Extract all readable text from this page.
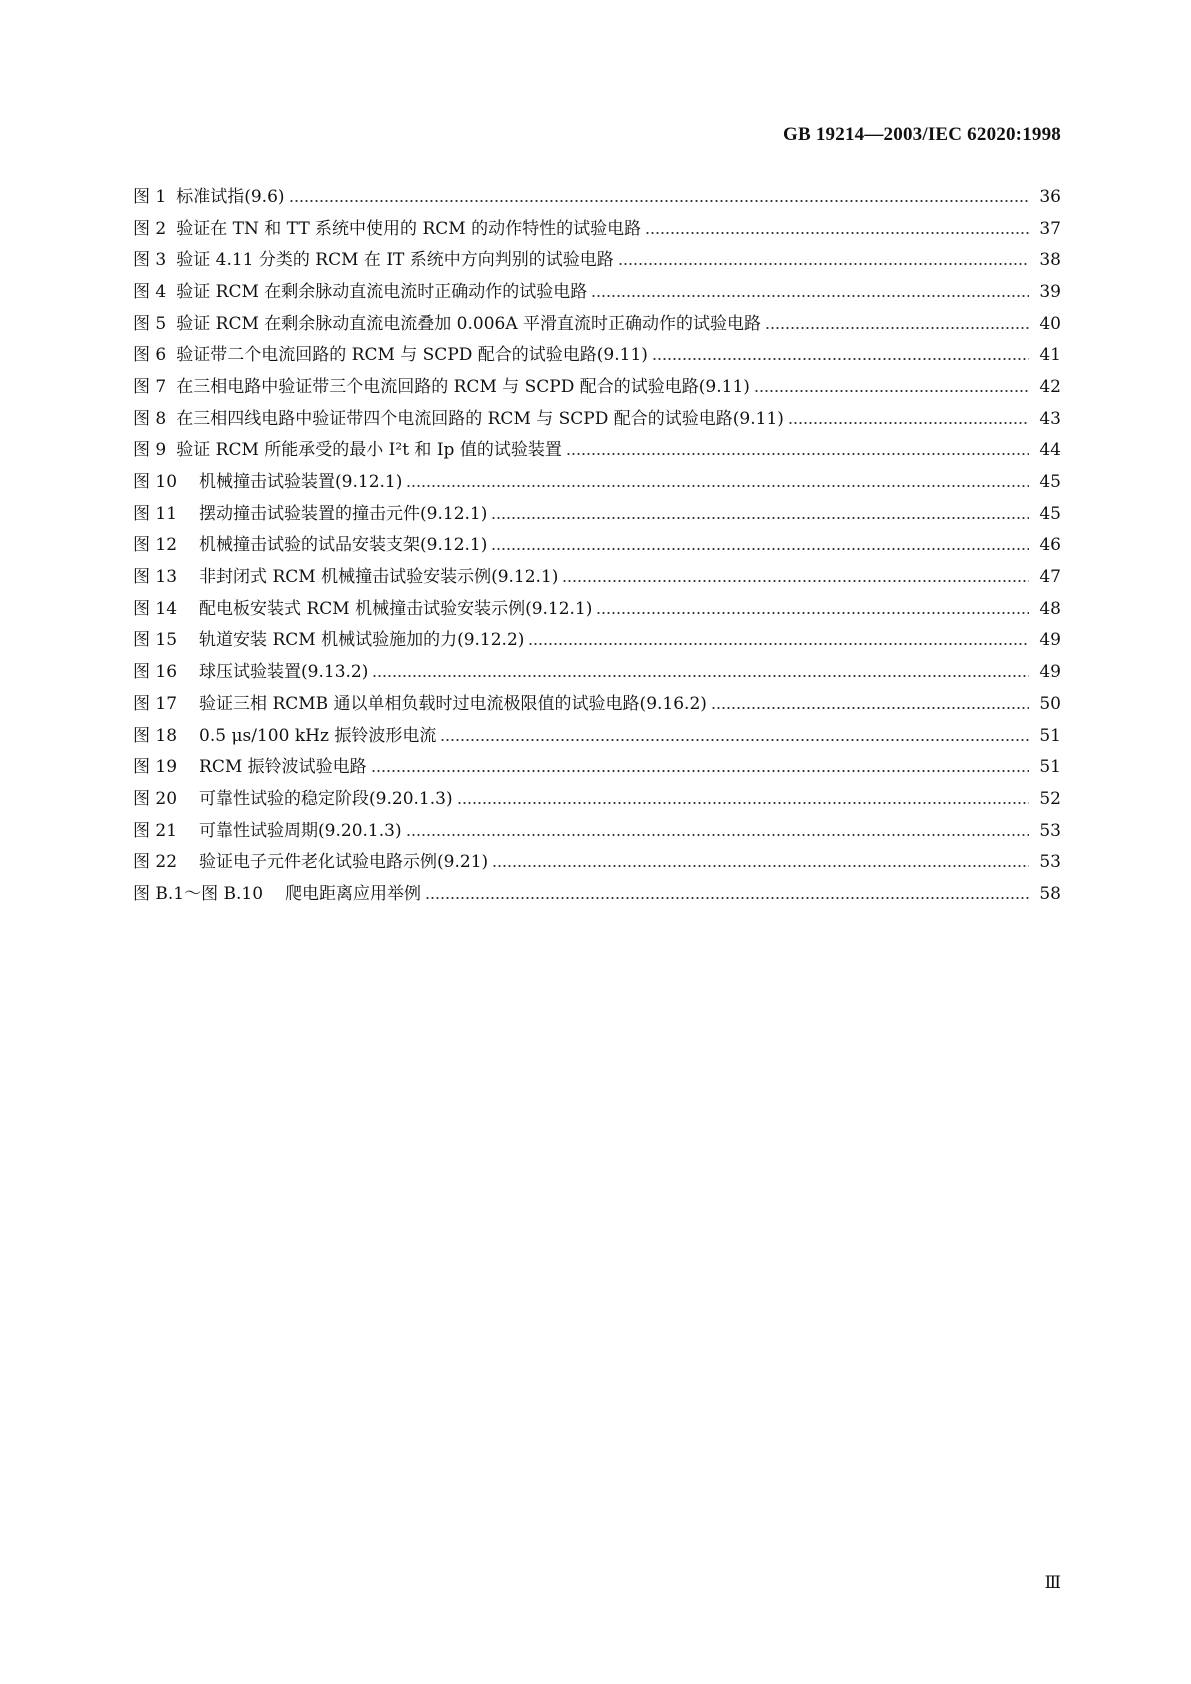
GB 19214—2003/IEC 62020:1998
图 1 标准试指(9.6)	36
图 2 验证在 TN 和 TT 系统中使用的 RCM 的动作特性的试验电路	37
图 3 验证 4.11 分类的 RCM 在 IT 系统中方向判别的试验电路	38
图 4 验证 RCM 在剩余脉动直流电流时正确动作的试验电路	39
图 5 验证 RCM 在剩余脉动直流电流叠加 0.006A 平滑直流时正确动作的试验电路	40
图 6 验证带二个电流回路的 RCM 与 SCPD 配合的试验电路(9.11)	41
图 7 在三相电路中验证带三个电流回路的 RCM 与 SCPD 配合的试验电路(9.11)	42
图 8 在三相四线电路中验证带四个电流回路的 RCM 与 SCPD 配合的试验电路(9.11)	43
图 9 验证 RCM 所能承受的最小 I²t 和 Ip 值的试验装置	44
图 10 机械撞击试验装置(9.12.1)	45
图 11 摆动撞击试验装置的撞击元件(9.12.1)	45
图 12 机械撞击试验的试品安装支架(9.12.1)	46
图 13 非封闭式 RCM 机械撞击试验安装示例(9.12.1)	47
图 14 配电板安装式 RCM 机械撞击试验安装示例(9.12.1)	48
图 15 轨道安装 RCM 机械试验施加的力(9.12.2)	49
图 16 球压试验装置(9.13.2)	49
图 17 验证三相 RCMB 通以单相负载时过电流极限值的试验电路(9.16.2)	50
图 18 0.5 μs/100 kHz 振铃波形电流	51
图 19 RCM 振铃波试验电路	51
图 20 可靠性试验的稳定阶段(9.20.1.3)	52
图 21 可靠性试验周期(9.20.1.3)	53
图 22 验证电子元件老化试验电路示例(9.21)	53
图 B.1～图 B.10 爬电距离应用举例	58
Ⅲ
